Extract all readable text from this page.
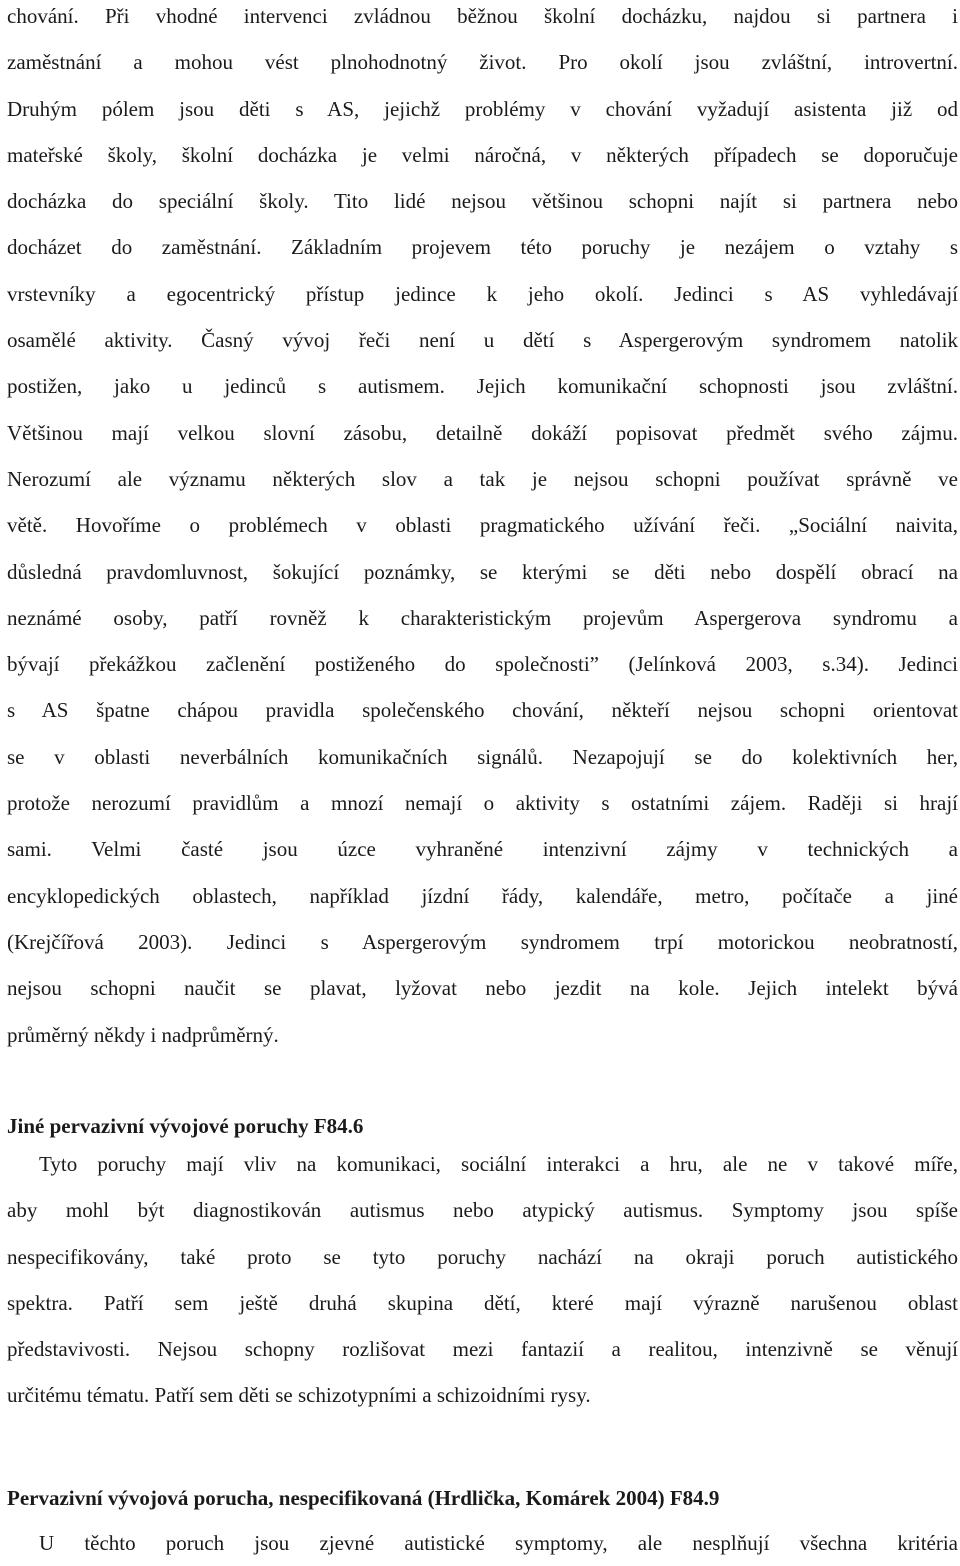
chování. Při vhodné intervenci zvládnou běžnou školní docházku, najdou si partnera i
zaměstnání a mohou vést plnohodnotný život. Pro okolí jsou zvláštní, introvertní.
Druhým pólem jsou děti s AS, jejichž problémy v chování vyžadují asistenta již od
mateřské školy, školní docházka je velmi náročná, v některých případech se doporučuje
docházka do speciální školy. Tito lidé nejsou většinou schopni najít si partnera nebo
docházet do zaměstnání. Základním projevem této poruchy je nezájem o vztahy s
vrstevníky a egocentrický přístup jedince k jeho okolí. Jedinci s AS vyhledávají
osamělé aktivity. Časný vývoj řeči není u dětí s Aspergerovým syndromem natolik
postižen, jako u jedinců s autismem. Jejich komunikační schopnosti jsou zvláštní.
Většinou mají velkou slovní zásobu, detailně dokáží popisovat předmět svého zájmu.
Nerozumí ale významu některých slov a tak je nejsou schopni používat správně ve
větě. Hovoříme o problémech v oblasti pragmatického užívání řeči. „Sociální naivita,
důsledná pravdomluvnost, šokující poznámky, se kterými se děti nebo dospělí obrací na
neznámé osoby, patří rovněž k charakteristickým projevům Aspergerova syndromu a
bývají překážkou začlenění postiženého do společnosti” (Jelínková 2003, s.34). Jedinci
s AS špatne chápou pravidla společenského chování, někteří nejsou schopni orientovat
se v oblasti neverbálních komunikačních signálů. Nezapojují se do kolektivních her,
protože nerozumí pravidlům a mnozí nemají o aktivity s ostatními zájem. Raději si hrají
sami. Velmi časté jsou úzce vyhraněné intenzivní zájmy v technických a
encyklopedických oblastech, například jízdní řády, kalendáře, metro, počítače a jiné
(Krejčířová 2003). Jedinci s Aspergerovým syndromem trpí motorickou neobratností,
nejsou schopni naučit se plavat, lyžovat nebo jezdit na kole. Jejich intelekt bývá
průměrný někdy i nadprůměrný.
Jiné pervazivní vývojové poruchy F84.6
Tyto poruchy mají vliv na komunikaci, sociální interakci a hru, ale ne v takové míře,
aby mohl být diagnostikován autismus nebo atypický autismus. Symptomy jsou spíše
nespecifikovány, také proto se tyto poruchy nachází na okraji poruch autistického
spektra. Patří sem ještě druhá skupina dětí, které mají výrazně narušenou oblast
představivosti. Nejsou schopny rozlišovat mezi fantazií a realitou, intenzivně se věnují
určitému tématu. Patří sem děti se schizotypními a schizoidními rysy.
Pervazivní vývojová porucha, nespecifikovaná (Hrdlička, Komárek 2004) F84.9
U těchto poruch jsou zjevné autistické symptomy, ale nesplňují všechna kritéria
